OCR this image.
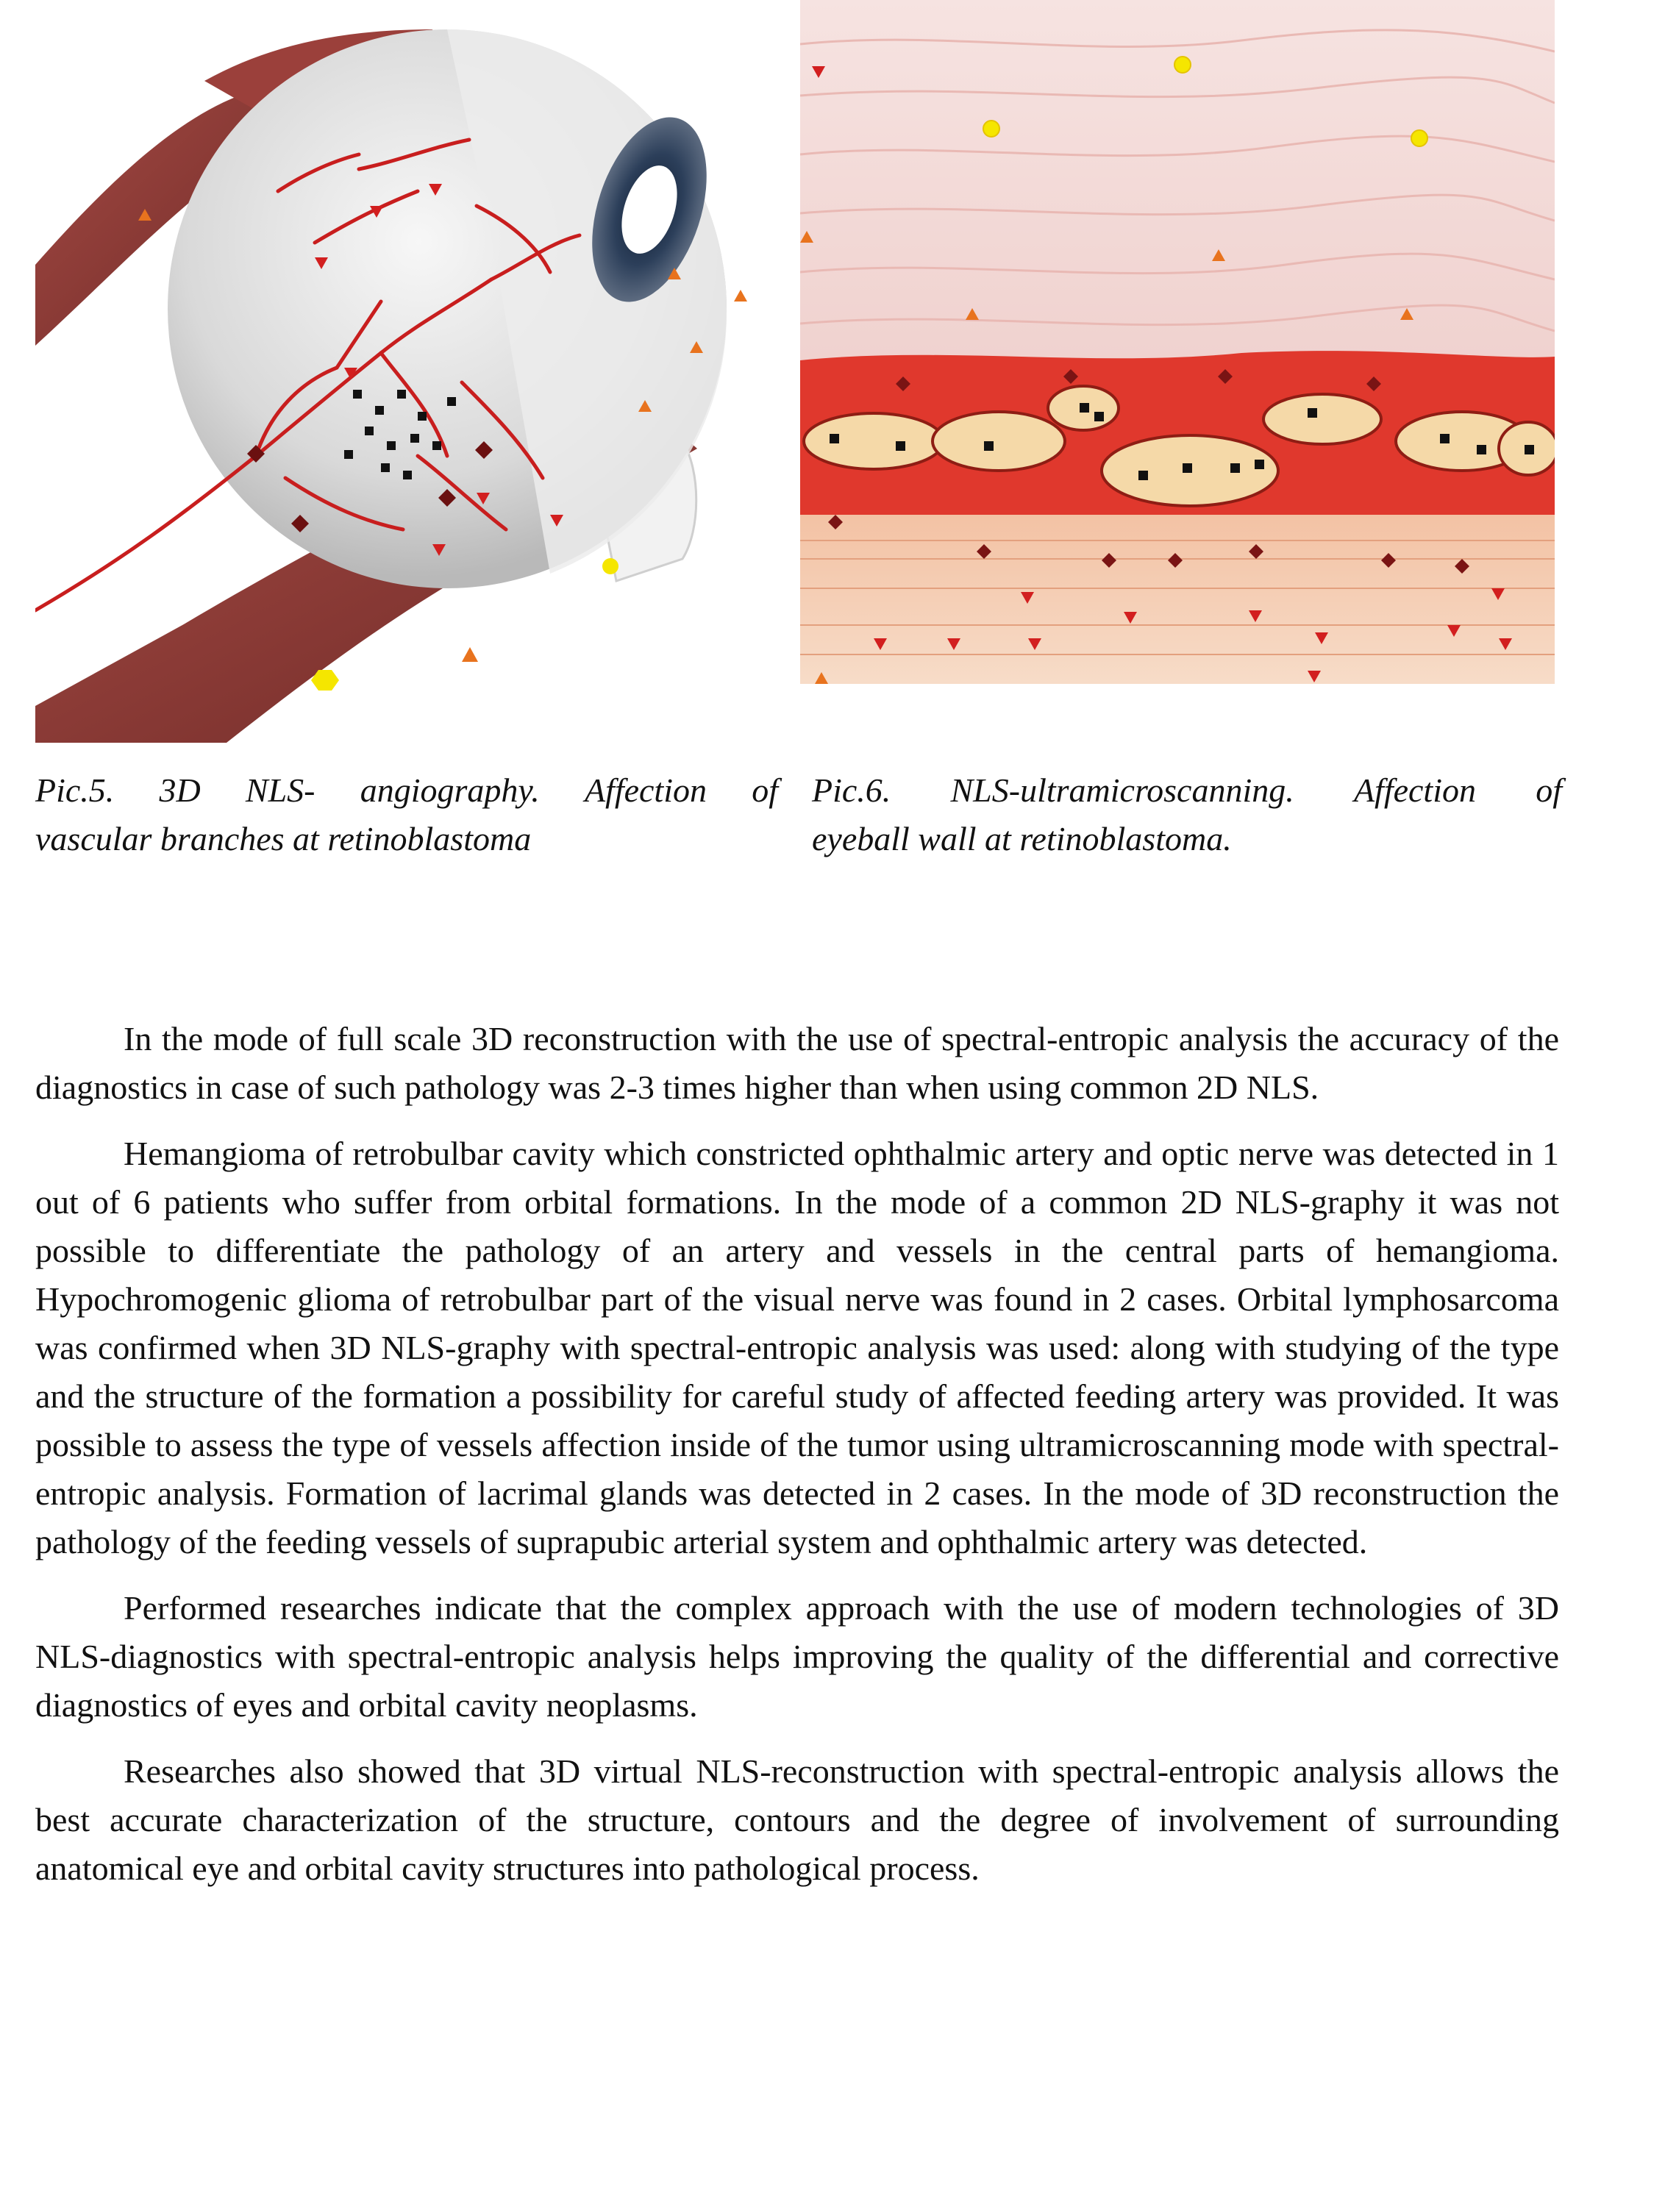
Pic.5. 3D NLS- angiography. Affection of
vascular branches at retinoblastoma
Pic.6. NLS-ultramicroscanning. Affection of
eyeball wall at retinoblastoma.

In the mode of full scale 3D reconstruction with the use of spectral-entropic analysis the accuracy of the diagnostics in case of such pathology was 2-3 times higher than when using common 2D NLS.

Hemangioma of retrobulbar cavity which constricted ophthalmic artery and optic nerve was detected in 1 out of 6 patients who suffer from orbital formations. In the mode of a common 2D NLS-graphy it was not possible to differentiate the pathology of an artery and vessels in the central parts of hemangioma. Hypochromogenic glioma of retrobulbar part of the visual nerve was found in 2 cases. Orbital lymphosarcoma was confirmed when 3D NLS-graphy with spectral-entropic analysis was used: along with studying of the type and the structure of the formation a possibility for careful study of affected feeding artery was provided. It was possible to assess the type of vessels affection inside of the tumor using ultramicroscanning mode with spectral-entropic analysis. Formation of lacrimal glands was detected in 2 cases. In the mode of 3D reconstruction the pathology of the feeding vessels of suprapubic arterial system and ophthalmic artery was detected.

Performed researches indicate that the complex approach with the use of modern technologies of 3D NLS-diagnostics with spectral-entropic analysis helps improving the quality of the differential and corrective diagnostics of eyes and orbital cavity neoplasms.

Researches also showed that 3D virtual NLS-reconstruction with spectral-entropic analysis allows the best accurate characterization of the structure, contours and the degree of involvement of surrounding anatomical eye and orbital cavity structures into pathological process.
